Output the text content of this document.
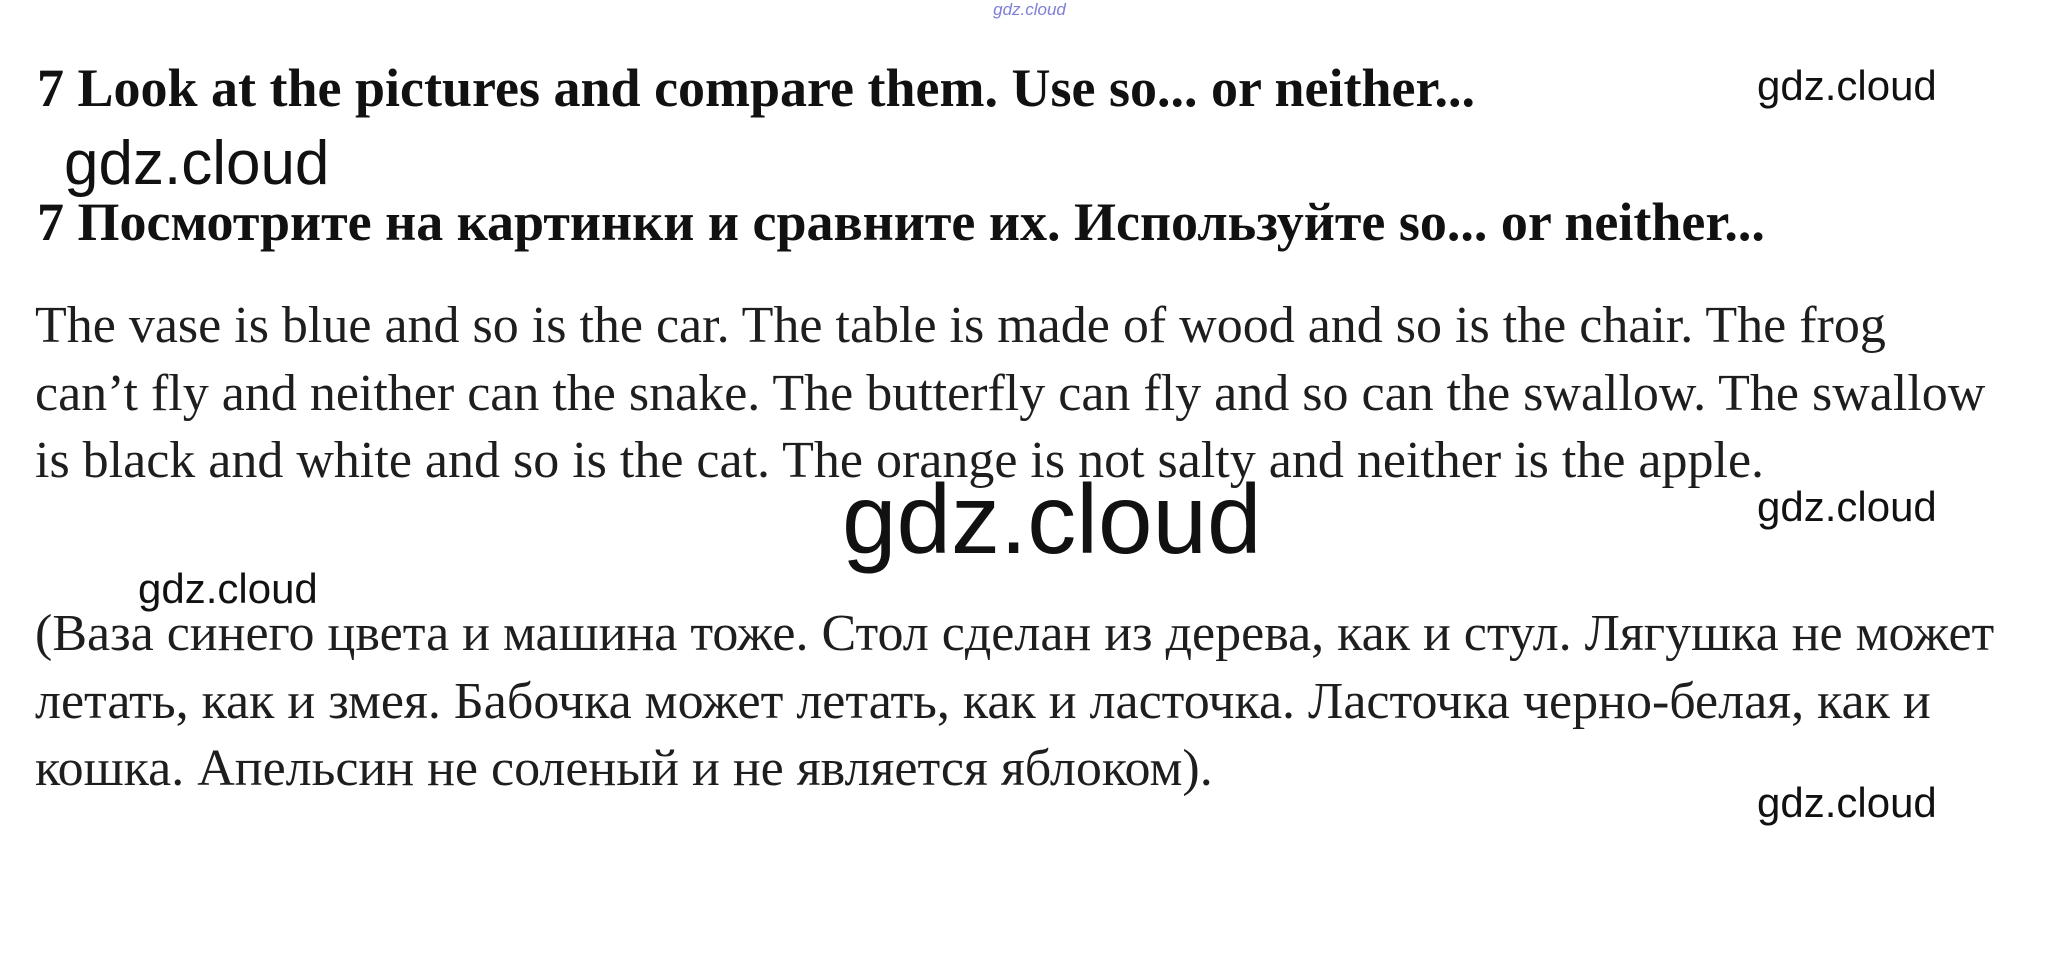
gdz.cloud
7 Look at the pictures and compare them. Use so... or neither...
7 Посмотрите на картинки и сравните их. Используйте so... or neither...
The vase is blue and so is the car. The table is made of wood and so is the chair. The frog can’t fly and neither can the snake. The butterfly can fly and so can the swallow. The swallow is black and white and so is the cat. The orange is not salty and neither is the apple.
(Ваза синего цвета и машина тоже. Стол сделан из дерева, как и стул. Лягушка не может летать, как и змея. Бабочка может летать, как и ласточка. Ласточка черно-белая, как и кошка. Апельсин не соленый и не является яблоком).
gdz.cloud
gdz.cloud
gdz.cloud
gdz.cloud
gdz.cloud
gdz.cloud
